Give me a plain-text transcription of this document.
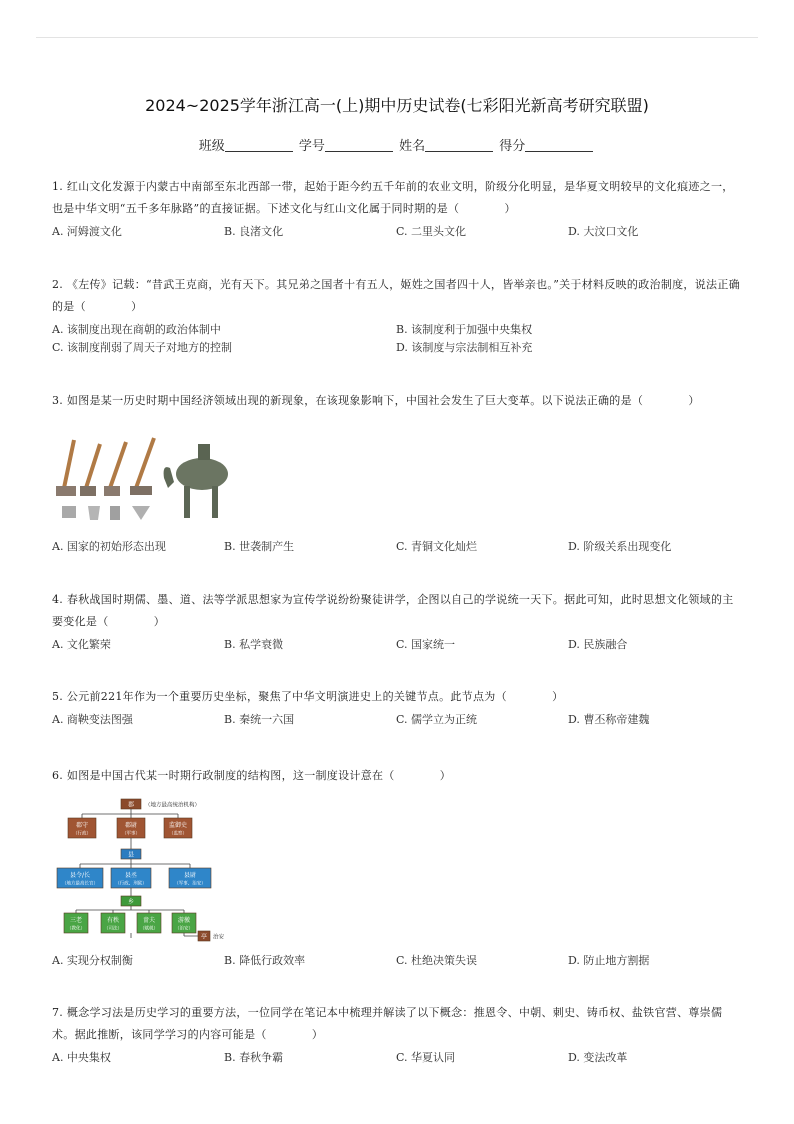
2024~2025学年浙江高一(上)期中历史试卷(七彩阳光新高考研究联盟)
班级	学号	姓名	得分
1. 红山文化发源于内蒙古中南部至东北西部一带，起始于距今约五千年前的农业文明，阶级分化明显，是华夏文明较早的文化痕迹之一，也是中华文明“五千多年脉路”的直接证据。下述文化与红山文化属于同时期的是（　　　　）
A. 河姆渡文化	B. 良渚文化	C. 二里头文化	D. 大汶口文化
2. 《左传》记载：“昔武王克商，光有天下。其兄弟之国者十有五人，姬姓之国者四十人，皆举亲也。”关于材料反映的政治制度，说法正确的是（　　　　）
A. 该制度出现在商朝的政治体制中	B. 该制度利于加强中央集权
C. 该制度削弱了周天子对地方的控制	D. 该制度与宗法制相互补充
3. 如图是某一历史时期中国经济领域出现的新现象，在该现象影响下，中国社会发生了巨大变革。以下说法正确的是（　　　　）
A. 国家的初始形态出现	B. 世袭制产生	C. 青铜文化灿烂	D. 阶级关系出现变化
4. 春秋战国时期儒、墨、道、法等学派思想家为宣传学说纷纷聚徒讲学，企图以自己的学说统一天下。据此可知，此时思想文化领域的主要变化是（　　　　）
A. 文化繁荣	B. 私学衰微	C. 国家统一	D. 民族融合
5. 公元前221年作为一个重要历史坐标，聚焦了中华文明演进史上的关键节点。此节点为（　　　　）
A. 商鞅变法图强	B. 秦统一六国	C. 儒学立为正统	D. 曹丕称帝建魏
6. 如图是中国古代某一时期行政制度的结构图，这一制度设计意在（　　　　）
郡 （地方最高统治机构）
郡守
（行政）
郡尉
（军事）
监御史
（监察）
县
县令/长
（地方最高长官）
县丞
（行政、刑狱）
县尉
（军事、治安）
乡
三老
（教化）
有秩
（司法）
啬夫
（赋税）
游徼
（治安）
亭 治安
A. 实现分权制衡	B. 降低行政效率	C. 杜绝决策失误	D. 防止地方割据
7. 概念学习法是历史学习的重要方法，一位同学在笔记本中梳理并解读了以下概念：推恩令、中朝、刺史、铸币权、盐铁官营、尊崇儒术。据此推断，该同学学习的内容可能是（　　　　）
A. 中央集权	B. 春秋争霸	C. 华夏认同	D. 变法改革
